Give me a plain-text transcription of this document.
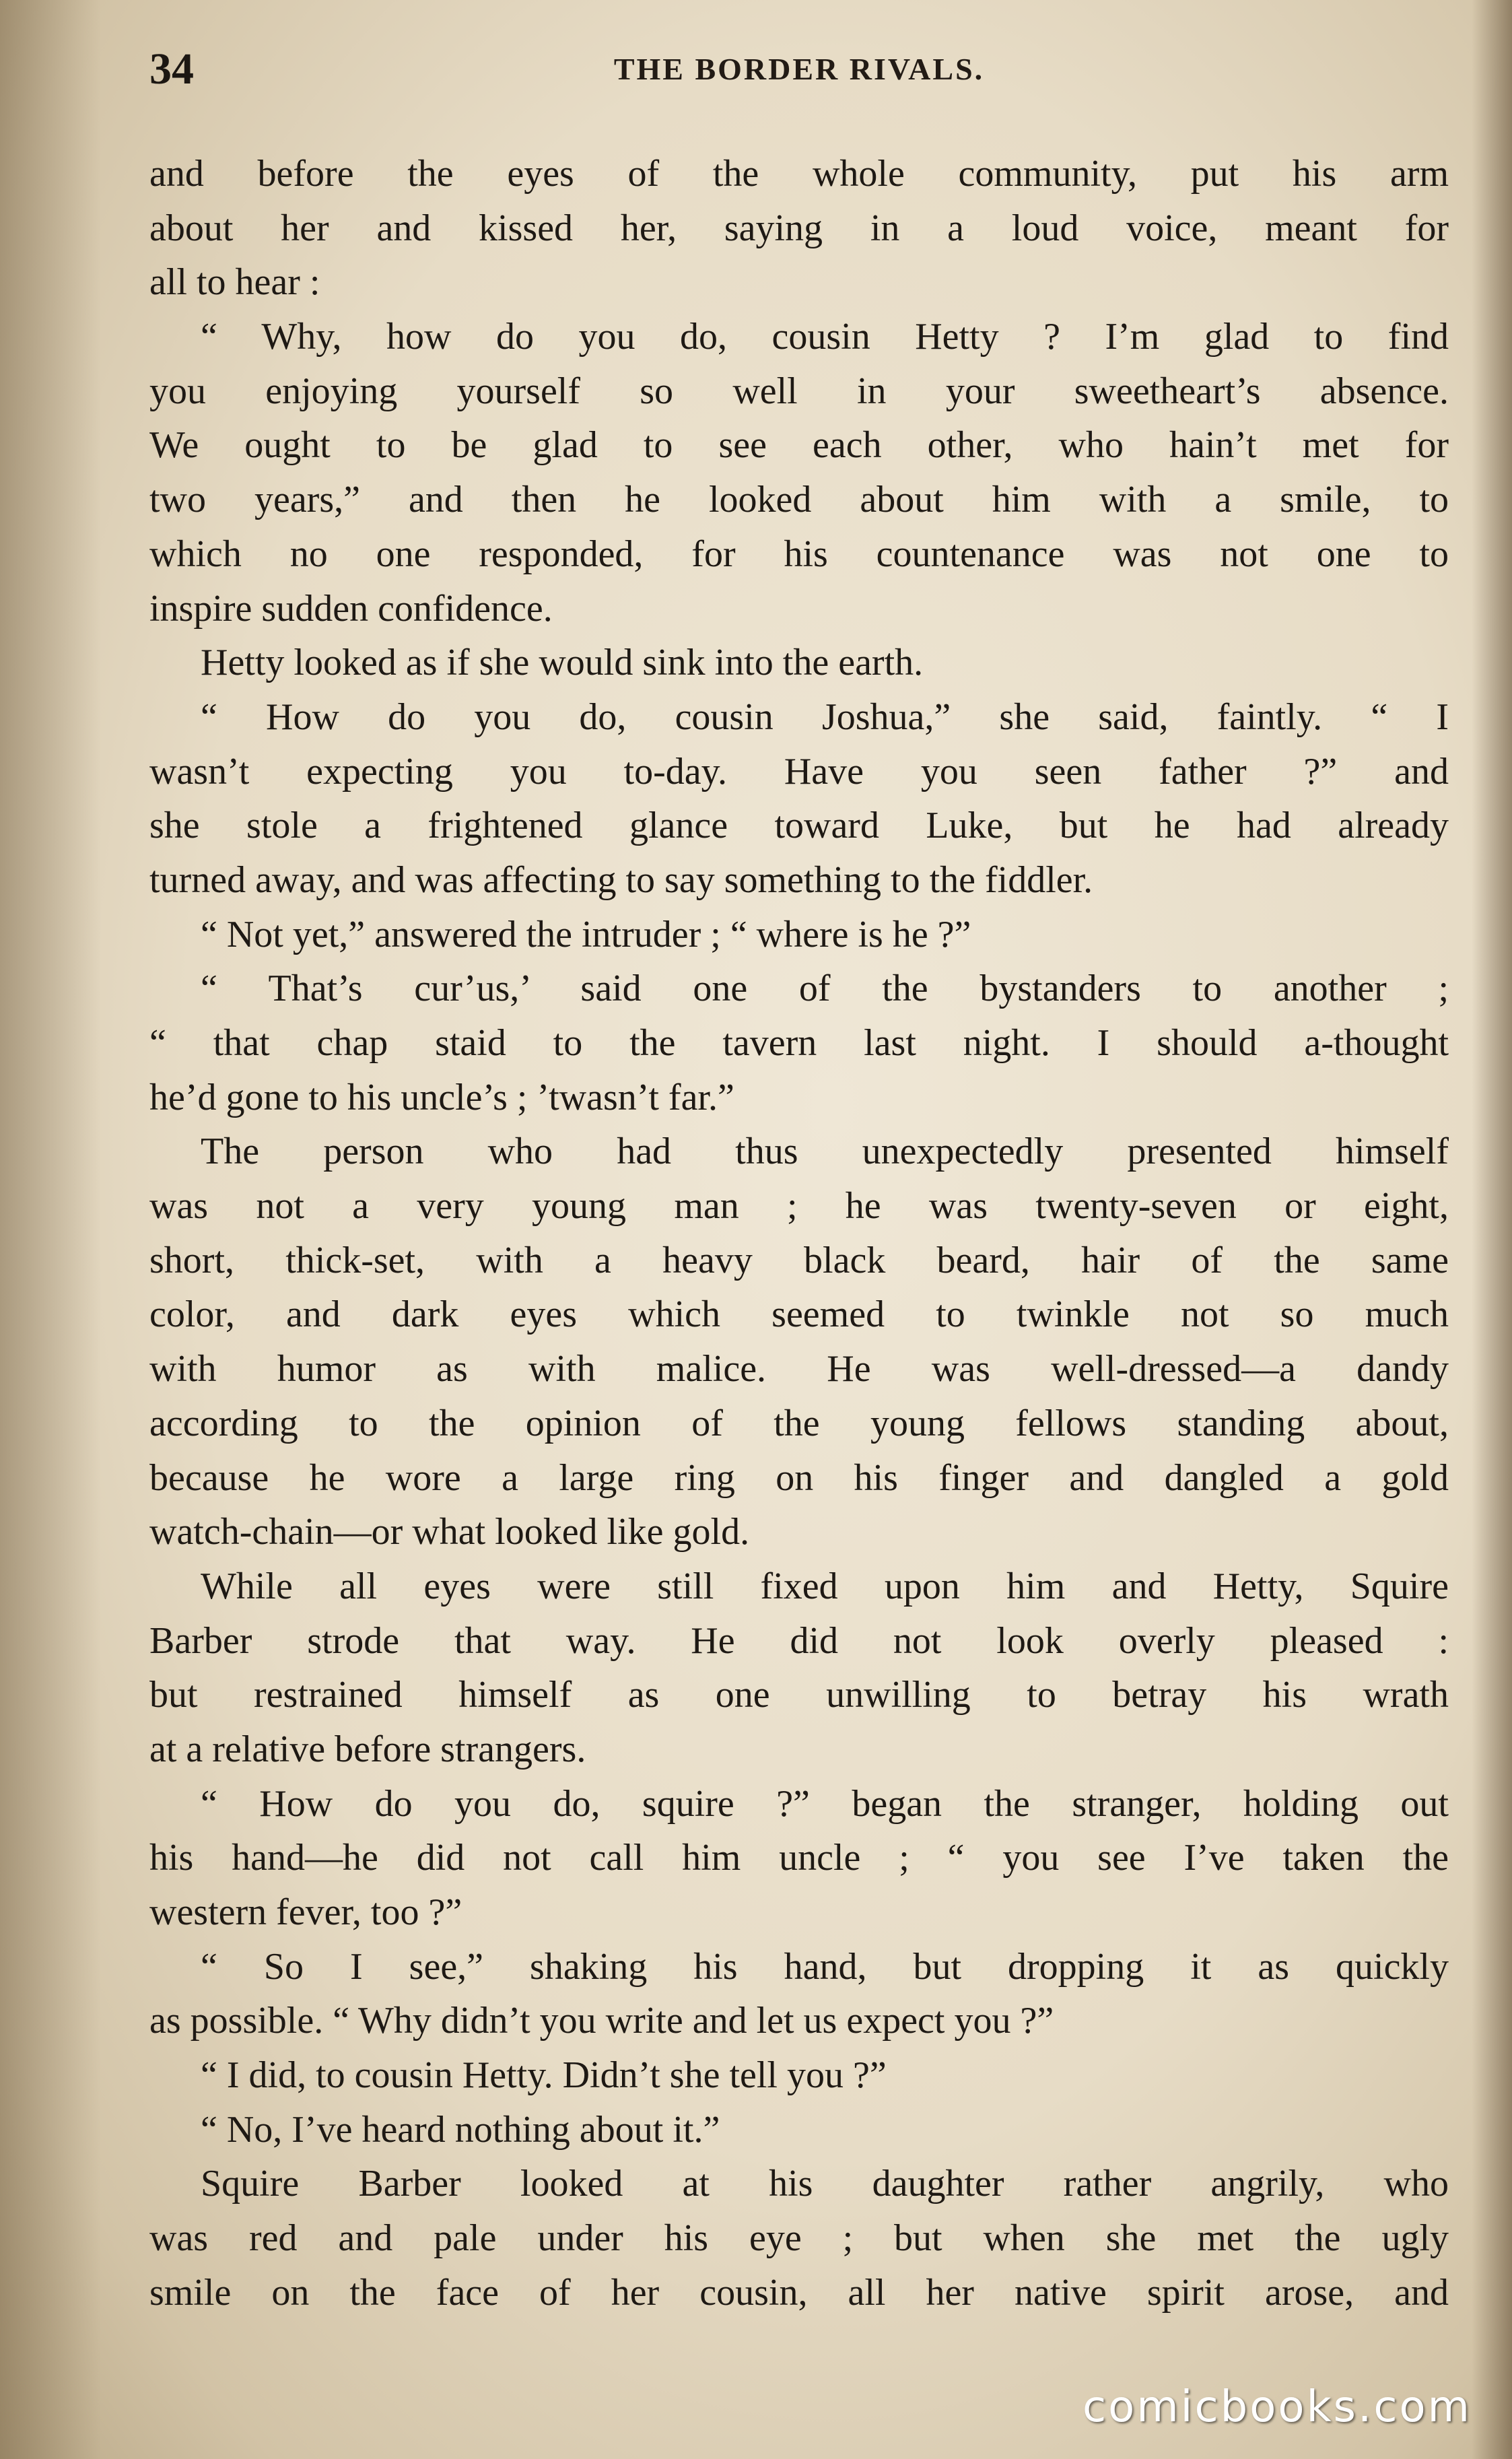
34	THE BORDER RIVALS.
and before the eyes of the whole community, put his arm
about her and kissed her, saying in a loud voice, meant for
all to hear :
“ Why, how do you do, cousin Hetty ? I’m glad to find
you enjoying yourself so well in your sweetheart’s absence.
We ought to be glad to see each other, who hain’t met for
two years,” and then he looked about him with a smile, to
which no one responded, for his countenance was not one to
inspire sudden confidence.
Hetty looked as if she would sink into the earth.
“ How do you do, cousin Joshua,” she said, faintly. “ I
wasn’t expecting you to-day. Have you seen father ?” and
she stole a frightened glance toward Luke, but he had already
turned away, and was affecting to say something to the fiddler.
“ Not yet,” answered the intruder ; “ where is he ?”
“ That’s cur’us,’ said one of the bystanders to another ;
“ that chap staid to the tavern last night. I should a-thought
he’d gone to his uncle’s ; ’twasn’t far.”
The person who had thus unexpectedly presented himself
was not a very young man ; he was twenty-seven or eight,
short, thick-set, with a heavy black beard, hair of the same
color, and dark eyes which seemed to twinkle not so much
with humor as with malice. He was well-dressed—a dandy
according to the opinion of the young fellows standing about,
because he wore a large ring on his finger and dangled a gold
watch-chain—or what looked like gold.
While all eyes were still fixed upon him and Hetty, Squire
Barber strode that way. He did not look overly pleased :
but restrained himself as one unwilling to betray his wrath
at a relative before strangers.
“ How do you do, squire ?” began the stranger, holding out
his hand—he did not call him uncle ; “ you see I’ve taken the
western fever, too ?”
“ So I see,” shaking his hand, but dropping it as quickly
as possible. “ Why didn’t you write and let us expect you ?”
“ I did, to cousin Hetty. Didn’t she tell you ?”
“ No, I’ve heard nothing about it.”
Squire Barber looked at his daughter rather angrily, who
was red and pale under his eye ; but when she met the ugly
smile on the face of her cousin, all her native spirit arose, and
comicbooks.com
